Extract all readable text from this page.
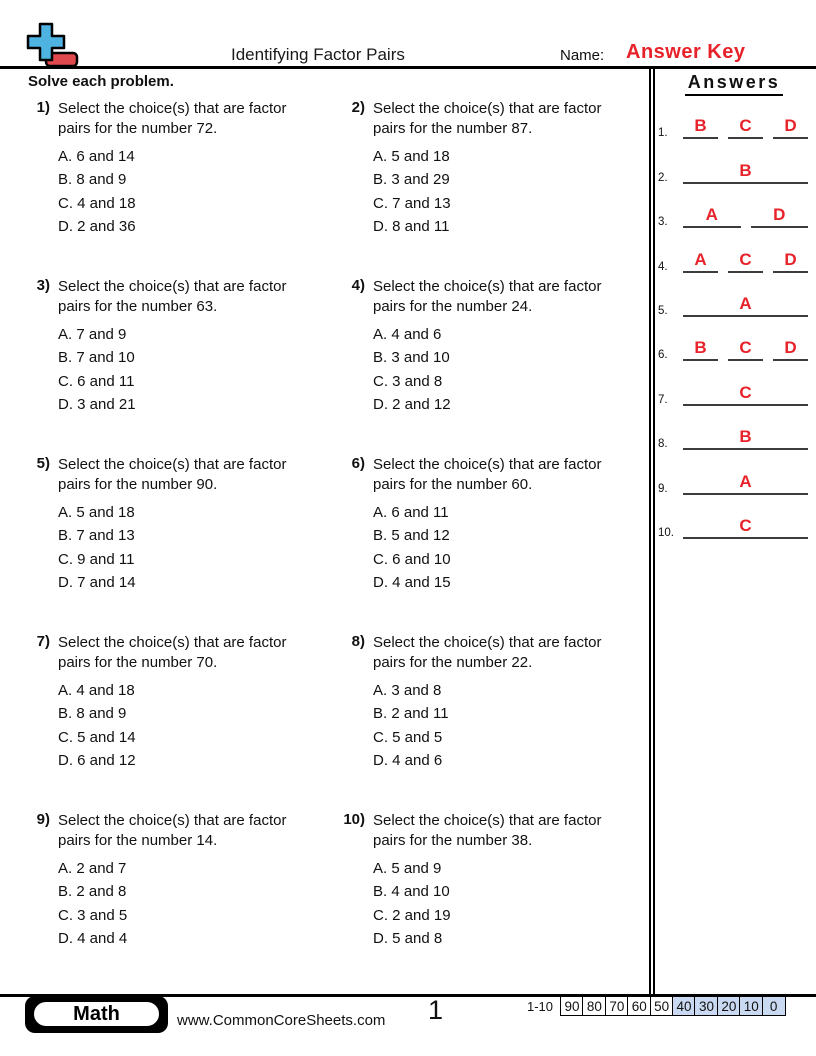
Identifying Factor Pairs	Name: Answer Key
Solve each problem.
1) Select the choice(s) that are factor
pairs for the number 72.
A. 6 and 14
B. 8 and 9
C. 4 and 18
D. 2 and 36
2) Select the choice(s) that are factor
pairs for the number 87.
A. 5 and 18
B. 3 and 29
C. 7 and 13
D. 8 and 11
3) Select the choice(s) that are factor
pairs for the number 63.
A. 7 and 9
B. 7 and 10
C. 6 and 11
D. 3 and 21
4) Select the choice(s) that are factor
pairs for the number 24.
A. 4 and 6
B. 3 and 10
C. 3 and 8
D. 2 and 12
5) Select the choice(s) that are factor
pairs for the number 90.
A. 5 and 18
B. 7 and 13
C. 9 and 11
D. 7 and 14
6) Select the choice(s) that are factor
pairs for the number 60.
A. 6 and 11
B. 5 and 12
C. 6 and 10
D. 4 and 15
7) Select the choice(s) that are factor
pairs for the number 70.
A. 4 and 18
B. 8 and 9
C. 5 and 14
D. 6 and 12
8) Select the choice(s) that are factor
pairs for the number 22.
A. 3 and 8
B. 2 and 11
C. 5 and 5
D. 4 and 6
9) Select the choice(s) that are factor
pairs for the number 14.
A. 2 and 7
B. 2 and 8
C. 3 and 5
D. 4 and 4
10) Select the choice(s) that are factor
pairs for the number 38.
A. 5 and 9
B. 4 and 10
C. 2 and 19
D. 5 and 8
Answers
1.	B	C	D
2.	B
3.	A	D
4.	A	C	D
5.	A
6.	B	C	D
7.	C
8.	B
9.	A
10.	C
Math	www.CommonCoreSheets.com 1	1-10 90 80 70 60 50 40 30 20 10 0
